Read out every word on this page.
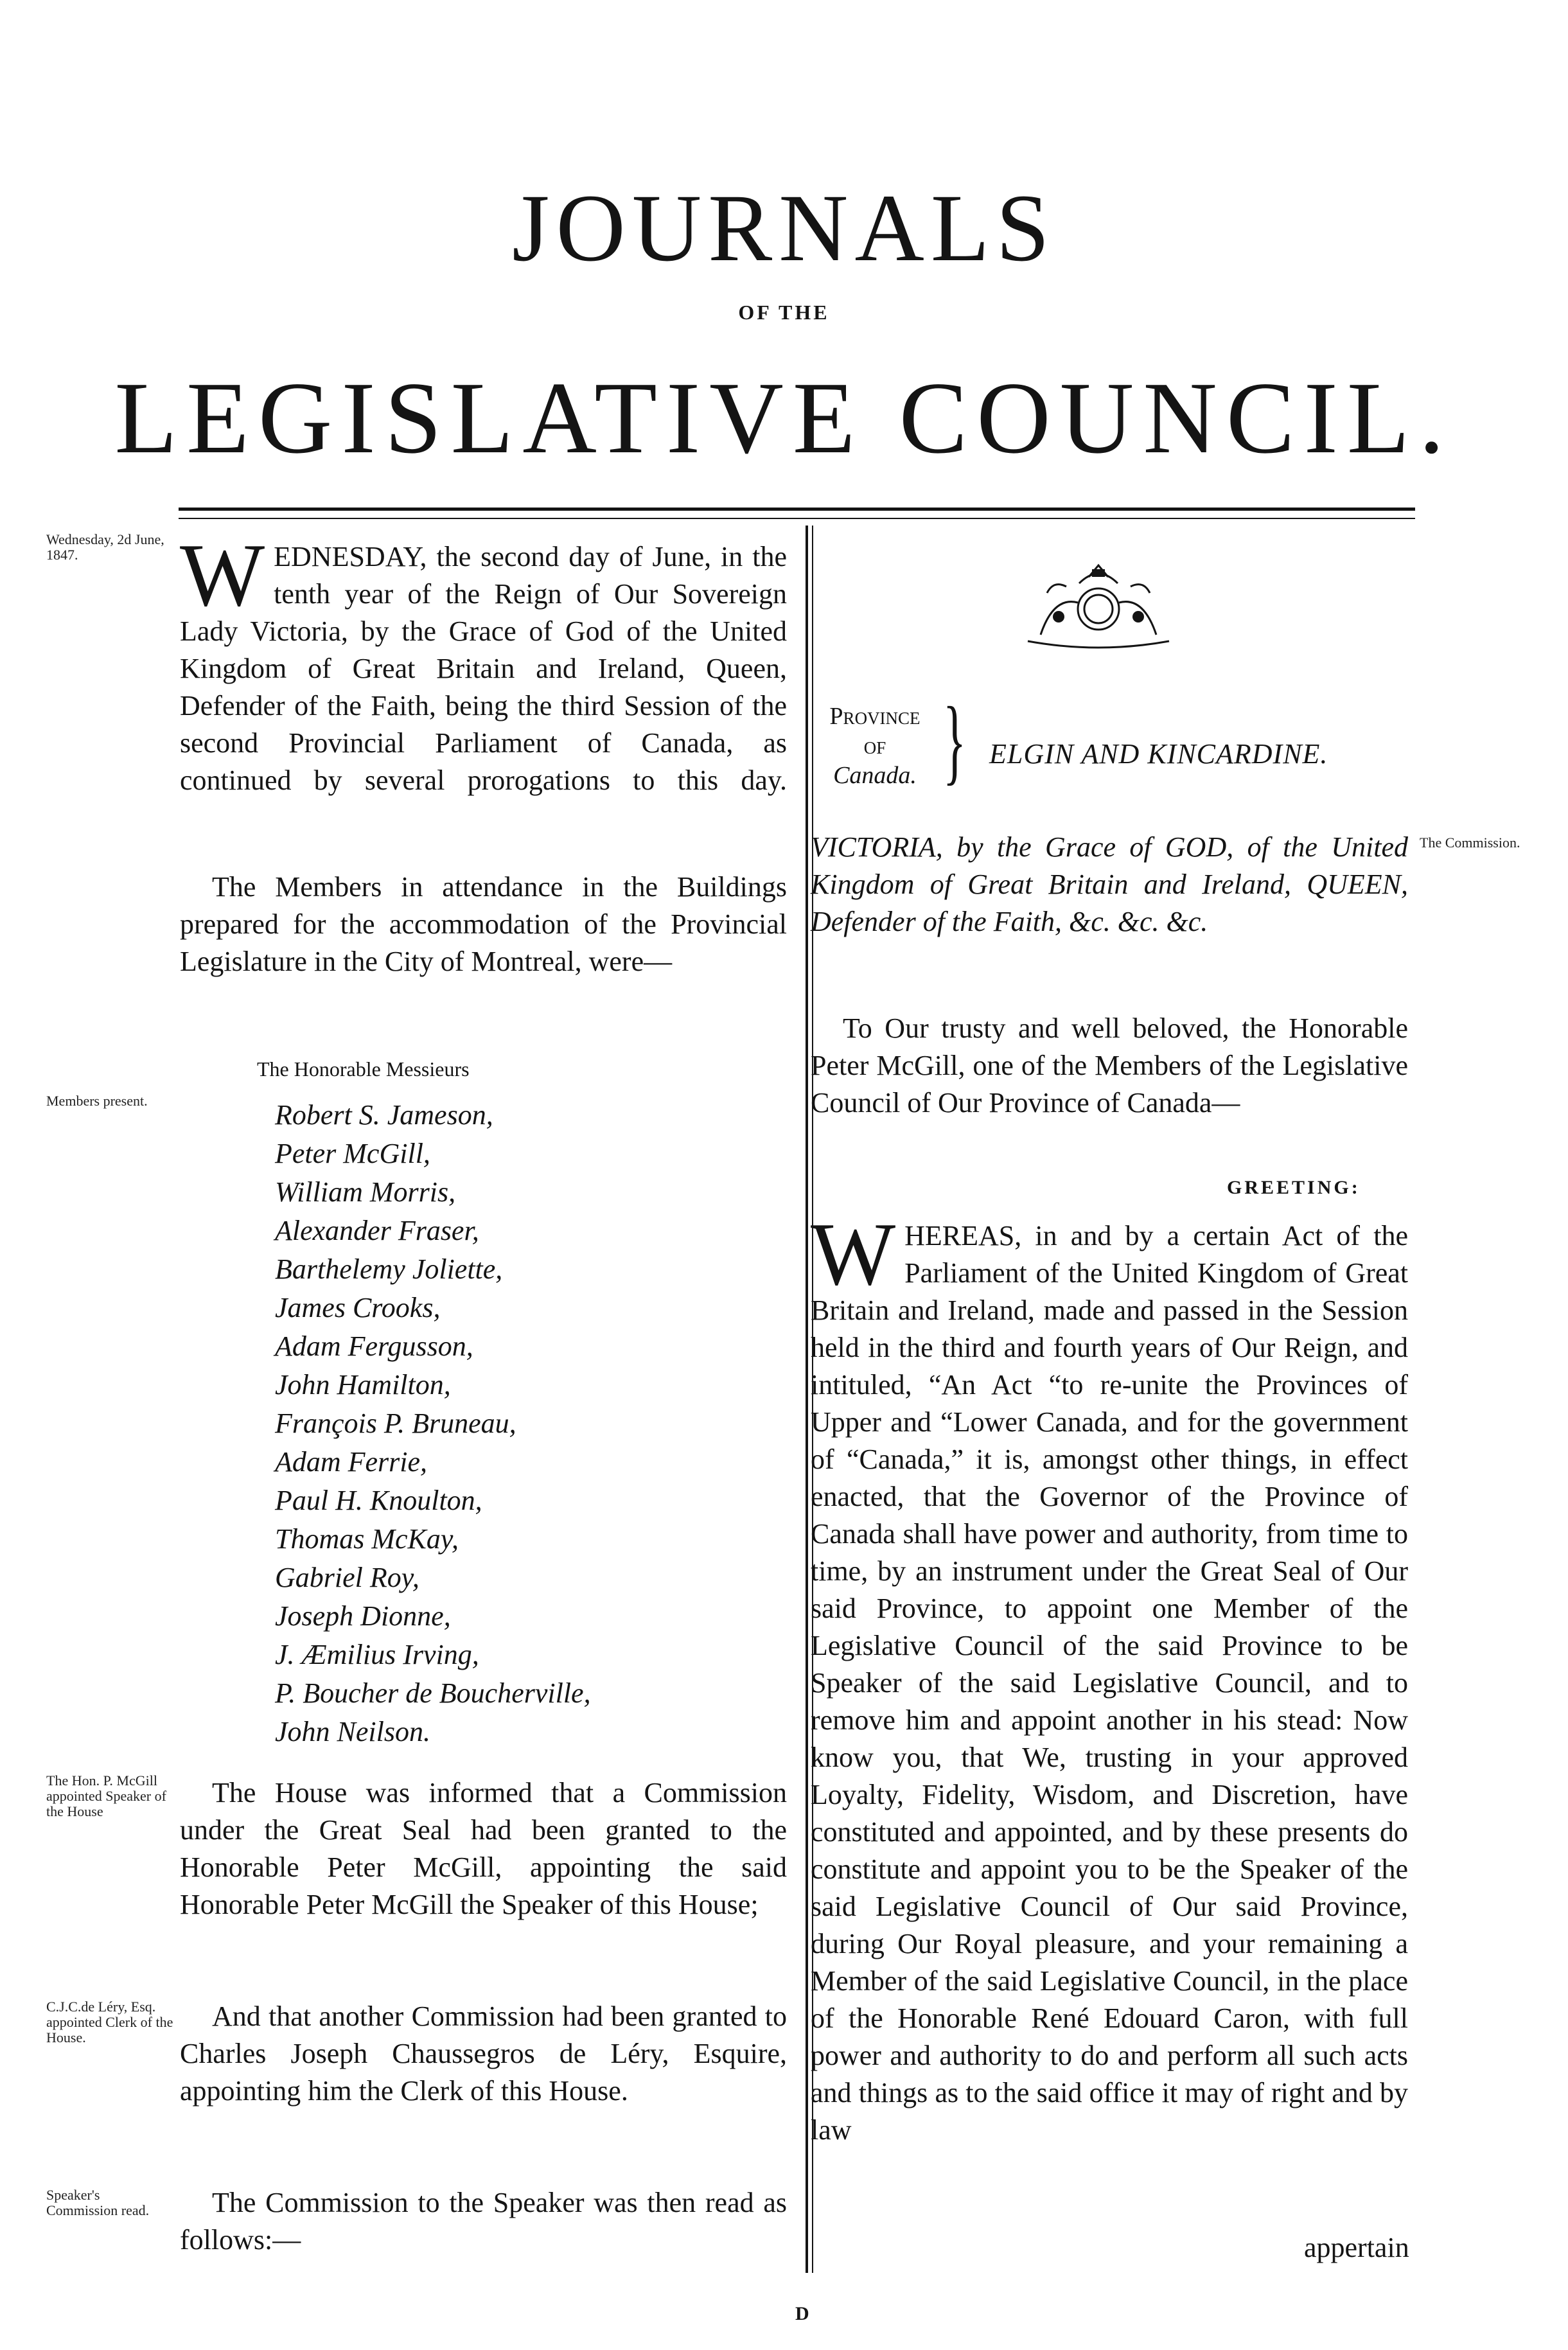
JOURNALS
OF THE
LEGISLATIVE COUNCIL.
Wednesday, 2d June, 1847.
Members present.
The Hon. P. McGill appointed Speaker of the House
C.J.C.de Léry, Esq. appointed Clerk of the House.
Speaker's Commission read.
The Commission.
W EDNESDAY, the second day of June, in the tenth year of the Reign of Our Sovereign Lady Victoria, by the Grace of God of the United Kingdom of Great Britain and Ireland, Queen, Defender of the Faith, being the third Session of the second Provincial Parliament of Canada, as continued by several prorogations to this day.
The Members in attendance in the Buildings prepared for the accommodation of the Provincial Legislature in the City of Montreal, were—
The Honorable Messieurs
Robert S. Jameson,
Peter McGill,
William Morris,
Alexander Fraser,
Barthelemy Joliette,
James Crooks,
Adam Fergusson,
John Hamilton,
François P. Bruneau,
Adam Ferrie,
Paul H. Knoulton,
Thomas McKay,
Gabriel Roy,
Joseph Dionne,
J. Æmilius Irving,
P. Boucher de Boucherville,
John Neilson.
The House was informed that a Commission under the Great Seal had been granted to the Honorable Peter McGill, appointing the said Honorable Peter McGill the Speaker of this House;
And that another Commission had been granted to Charles Joseph Chaussegros de Léry, Esquire, appointing him the Clerk of this House.
The Commission to the Speaker was then read as follows:—
Province
of
Canada. } ELGIN AND KINCARDINE.
VICTORIA, by the Grace of GOD, of the United Kingdom of Great Britain and Ireland, QUEEN, Defender of the Faith, &c. &c. &c.
To Our trusty and well beloved, the Honorable Peter McGill, one of the Members of the Legislative Council of Our Province of Canada—
GREETING:
W HEREAS, in and by a certain Act of the Parliament of the United Kingdom of Great Britain and Ireland, made and passed in the Session held in the third and fourth years of Our Reign, and intituled, “An Act “to re-unite the Provinces of Upper and “Lower Canada, and for the government of “Canada,” it is, amongst other things, in effect enacted, that the Governor of the Province of Canada shall have power and authority, from time to time, by an instrument under the Great Seal of Our said Province, to appoint one Member of the Legislative Council of the said Province to be Speaker of the said Legislative Council, and to remove him and appoint another in his stead: Now know you, that We, trusting in your approved Loyalty, Fidelity, Wisdom, and Discretion, have constituted and appointed, and by these presents do constitute and appoint you to be the Speaker of the said Legislative Council of Our said Province, during Our Royal pleasure, and your remaining a Member of the said Legislative Council, in the place of the Honorable René Edouard Caron, with full power and authority to do and perform all such acts and things as to the said office it may of right and by law
appertain
D
